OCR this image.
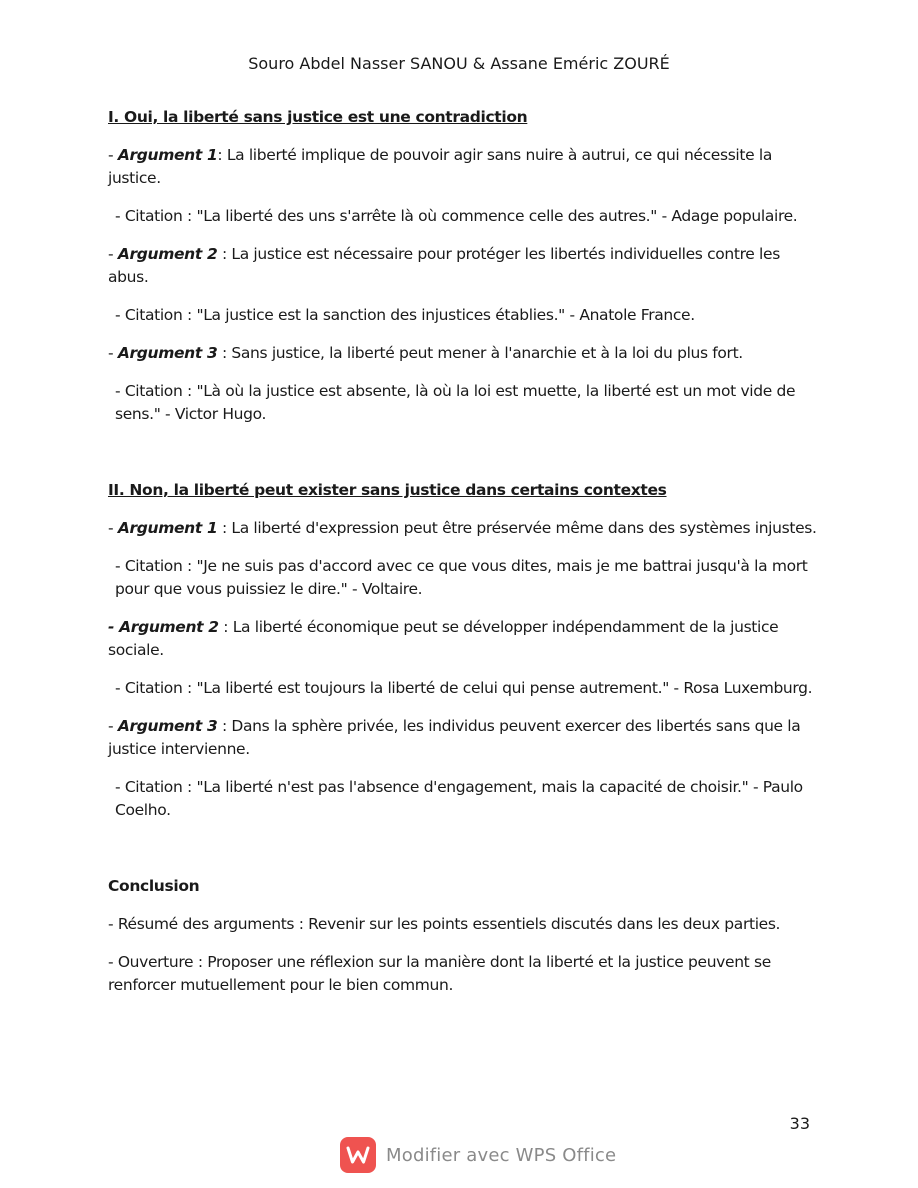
Souro Abdel Nasser SANOU & Assane Eméric ZOURÉ
I. Oui, la liberté sans justice est une contradiction
- Argument 1: La liberté implique de pouvoir agir sans nuire à autrui, ce qui nécessite la justice.
- Citation : "La liberté des uns s'arrête là où commence celle des autres." - Adage populaire.
- Argument 2 : La justice est nécessaire pour protéger les libertés individuelles contre les abus.
- Citation : "La justice est la sanction des injustices établies." - Anatole France.
- Argument 3 : Sans justice, la liberté peut mener à l'anarchie et à la loi du plus fort.
- Citation : "Là où la justice est absente, là où la loi est muette, la liberté est un mot vide de sens." - Victor Hugo.
II. Non, la liberté peut exister sans justice dans certains contextes
- Argument 1 : La liberté d'expression peut être préservée même dans des systèmes injustes.
- Citation : "Je ne suis pas d'accord avec ce que vous dites, mais je me battrai jusqu'à la mort pour que vous puissiez le dire." - Voltaire.
- Argument 2 : La liberté économique peut se développer indépendamment de la justice sociale.
- Citation : "La liberté est toujours la liberté de celui qui pense autrement." - Rosa Luxemburg.
- Argument 3 : Dans la sphère privée, les individus peuvent exercer des libertés sans que la justice intervienne.
- Citation : "La liberté n'est pas l'absence d'engagement, mais la capacité de choisir." - Paulo Coelho.
Conclusion
- Résumé des arguments : Revenir sur les points essentiels discutés dans les deux parties.
- Ouverture : Proposer une réflexion sur la manière dont la liberté et la justice peuvent se renforcer mutuellement pour le bien commun.
33
Modifier avec WPS Office
